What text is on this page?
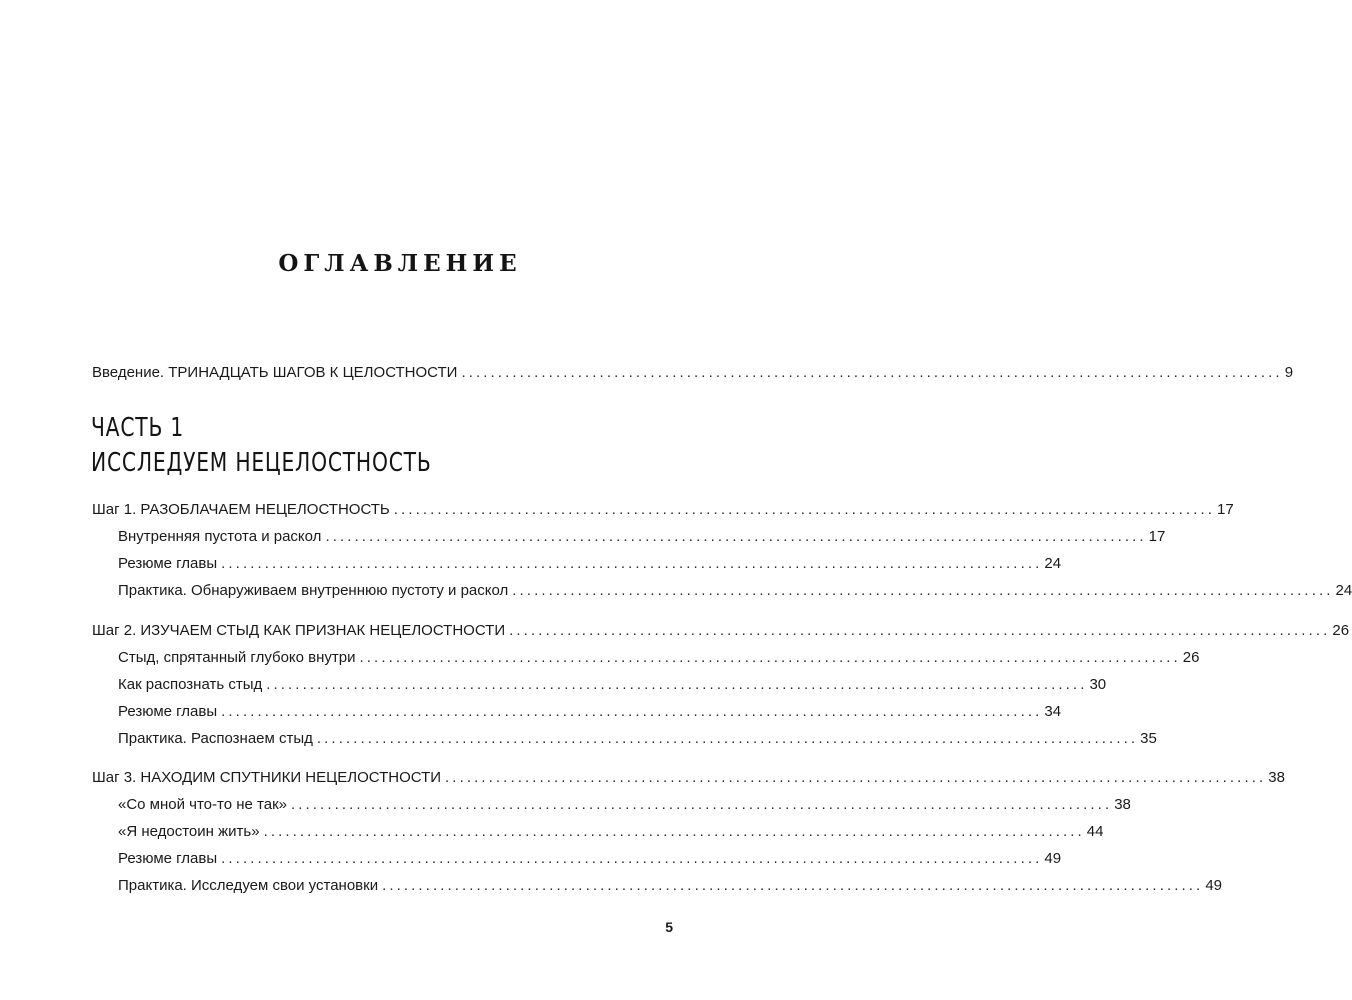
ОГЛАВЛЕНИЕ
Введение. ТРИНАДЦАТЬ ШАГОВ К ЦЕЛОСТНОСТИ ................................................................................................................. 9
ЧАСТЬ 1
ИССЛЕДУЕМ НЕЦЕЛОСТНОСТЬ
Шаг 1. РАЗОБЛАЧАЕМ НЕЦЕЛОСТНОСТЬ ................................................................................................................. 17
Внутренняя пустота и раскол ................................................................................................................. 17
Резюме главы ................................................................................................................. 24
Практика. Обнаруживаем внутреннюю пустоту и раскол ................................................................................................................. 24
Шаг 2. ИЗУЧАЕМ СТЫД КАК ПРИЗНАК НЕЦЕЛОСТНОСТИ ................................................................................................................. 26
Стыд, спрятанный глубоко внутри ................................................................................................................. 26
Как распознать стыд ................................................................................................................. 30
Резюме главы ................................................................................................................. 34
Практика. Распознаем стыд ................................................................................................................. 35
Шаг 3. НАХОДИМ СПУТНИКИ НЕЦЕЛОСТНОСТИ ................................................................................................................. 38
«Со мной что-то не так» ................................................................................................................. 38
«Я недостоин жить» ................................................................................................................. 44
Резюме главы ................................................................................................................. 49
Практика. Исследуем свои установки ................................................................................................................. 49
5
